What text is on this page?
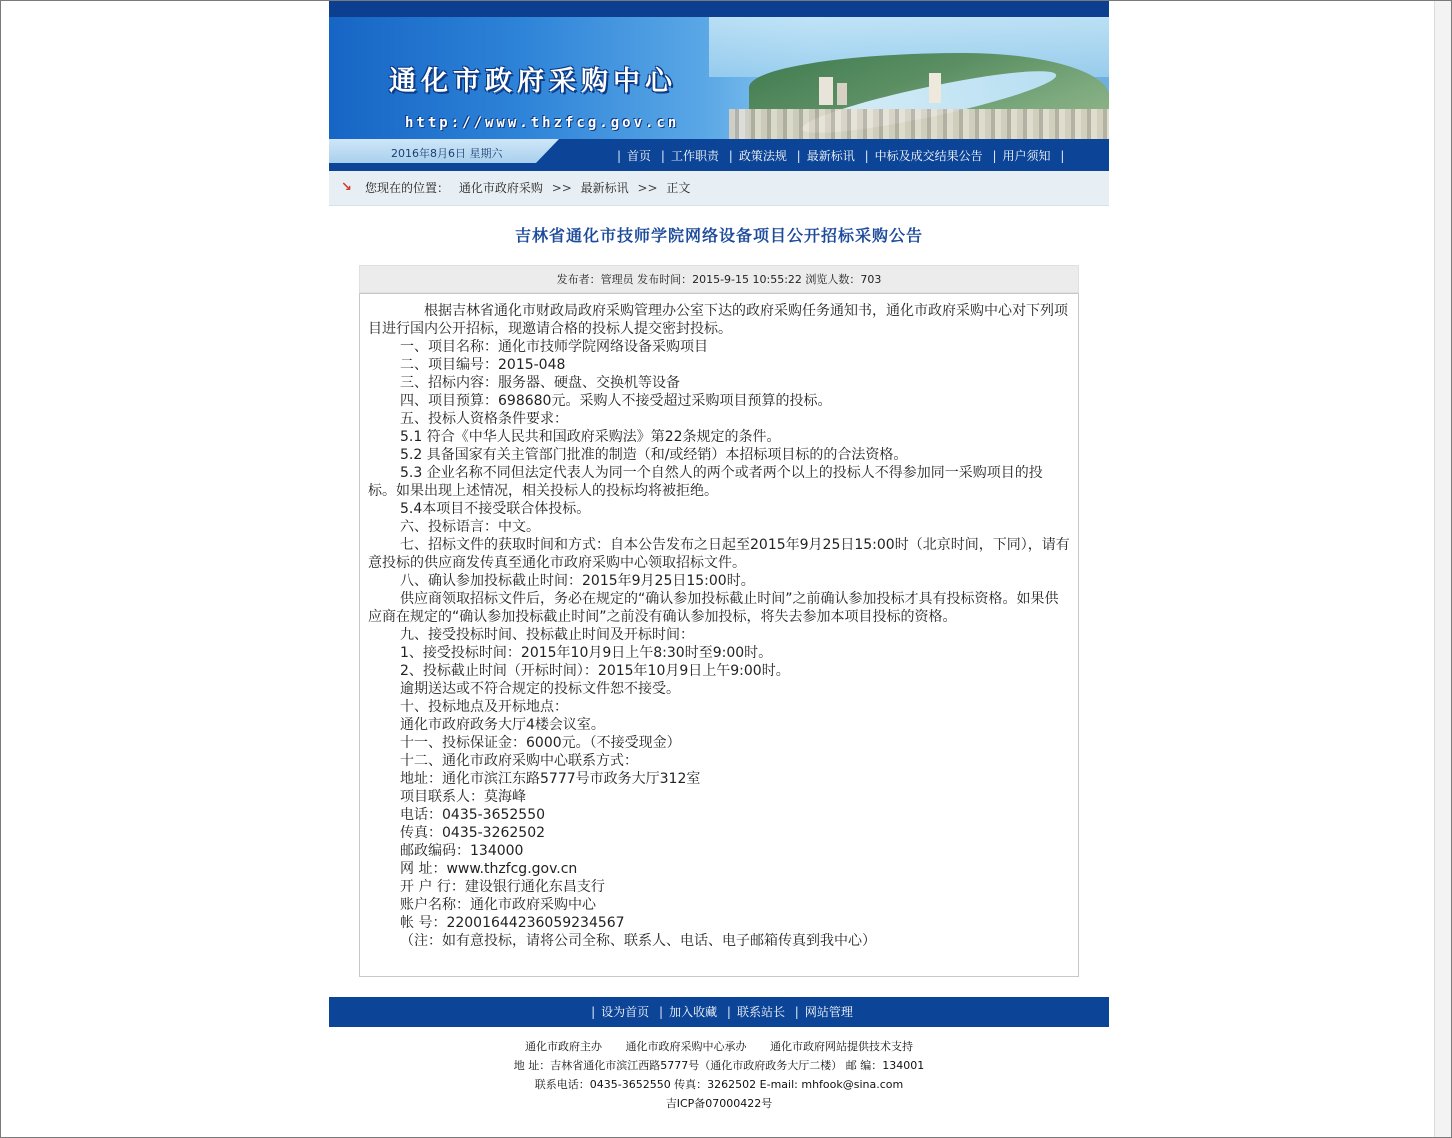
通化市政府采购中心
http://www.thzfcg.gov.cn
2016年8月6日 星期六	| 首页 | 工作职责 | 政策法规 | 最新标讯 | 中标及成交结果公告 | 用户须知 |
↘ 您现在的位置： 通化市政府采购 >> 最新标讯 >> 正文
吉林省通化市技师学院网络设备项目公开招标采购公告
发布者：管理员 发布时间：2015-9-15 10:55:22 浏览人数：703

根据吉林省通化市财政局政府采购管理办公室下达的政府采购任务通知书，通化市政府采购中心对下列项目进行国内公开招标，现邀请合格的投标人提交密封投标。

一、项目名称：通化市技师学院网络设备采购项目

二、项目编号：2015-048

三、招标内容：服务器、硬盘、交换机等设备

四、项目预算：698680元。采购人不接受超过采购项目预算的投标。

五、投标人资格条件要求：

5.1 符合《中华人民共和国政府采购法》第22条规定的条件。

5.2 具备国家有关主管部门批准的制造（和/或经销）本招标项目标的的合法资格。

5.3 企业名称不同但法定代表人为同一个自然人的两个或者两个以上的投标人不得参加同一采购项目的投标。如果出现上述情况，相关投标人的投标均将被拒绝。

5.4本项目不接受联合体投标。

六、投标语言：中文。

七、招标文件的获取时间和方式：自本公告发布之日起至2015年9月25日15:00时（北京时间，下同），请有意投标的供应商发传真至通化市政府采购中心领取招标文件。

八、确认参加投标截止时间：2015年9月25日15:00时。

供应商领取招标文件后，务必在规定的“确认参加投标截止时间”之前确认参加投标才具有投标资格。如果供应商在规定的“确认参加投标截止时间”之前没有确认参加投标，将失去参加本项目投标的资格。

九、接受投标时间、投标截止时间及开标时间：

1、接受投标时间：2015年10月9日上午8:30时至9:00时。

2、投标截止时间（开标时间）：2015年10月9日上午9:00时。

逾期送达或不符合规定的投标文件恕不接受。

十、投标地点及开标地点：

通化市政府政务大厅4楼会议室。

十一、投标保证金：6000元。（不接受现金）

十二、通化市政府采购中心联系方式：

地址：通化市滨江东路5777号市政务大厅312室

项目联系人：莫海峰

电话：0435-3652550

传真：0435-3262502

邮政编码：134000

网 址：www.thzfcg.gov.cn

开 户 行：建设银行通化东昌支行

账户名称：通化市政府采购中心

帐 号：22001644236059234567

（注：如有意投标，请将公司全称、联系人、电话、电子邮箱传真到我中心）

| 设为首页 | 加入收藏 | 联系站长 | 网站管理
通化市政府主办 通化市政府采购中心承办 通化市政府网站提供技术支持
地 址：吉林省通化市滨江西路5777号（通化市政府政务大厅二楼） 邮 编：134001
联系电话：0435-3652550 传真：3262502 E-mail: mhfook@sina.com
吉ICP备07000422号
